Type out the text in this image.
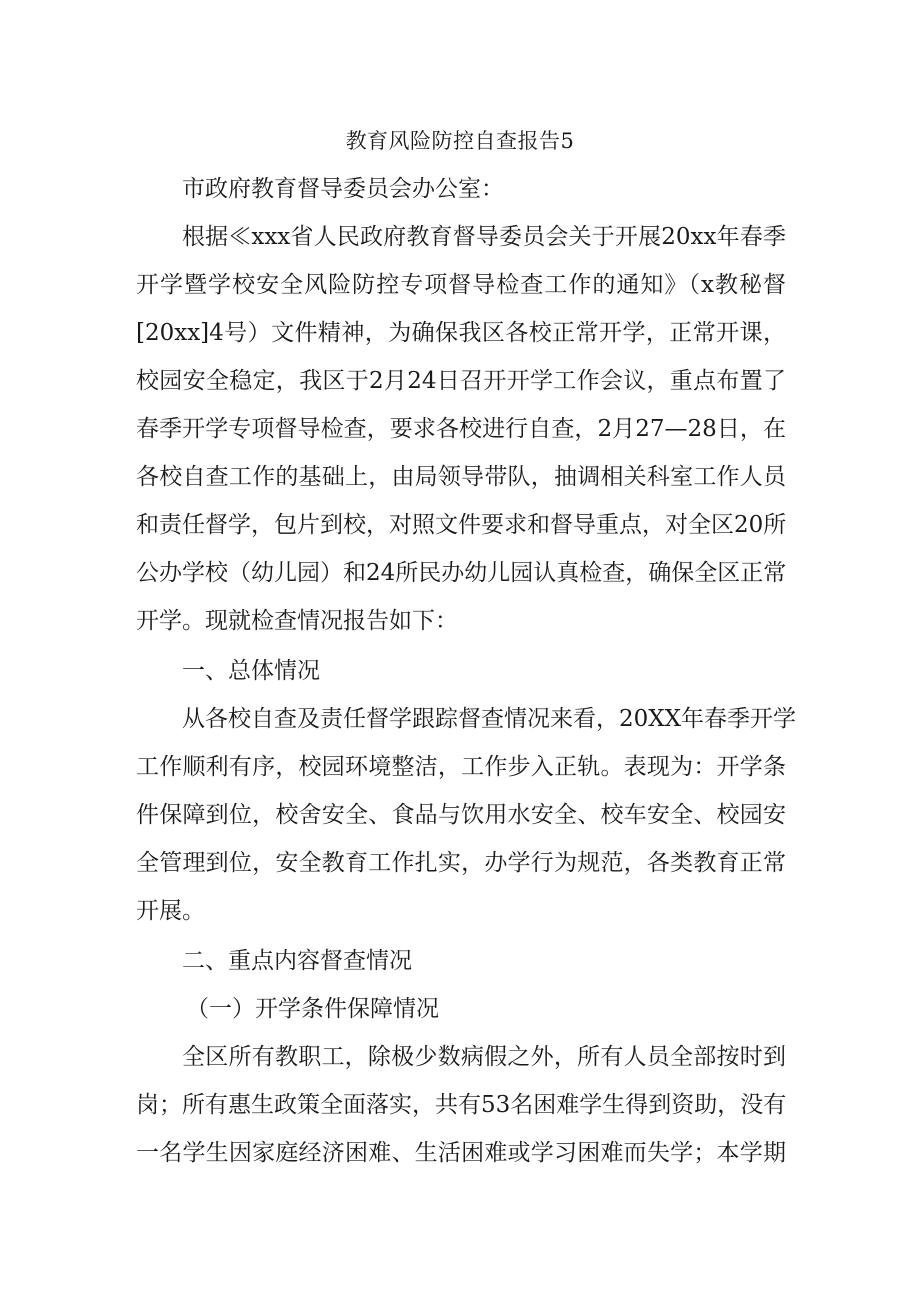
教育风险防控自查报告5
市政府教育督导委员会办公室：
根据≪xxx省人民政府教育督导委员会关于开展20xx年春季
开学暨学校安全风险防控专项督导检查工作的通知》（x教秘督
[20xx]4号）文件精神，为确保我区各校正常开学，正常开课，
校园安全稳定，我区于2月24日召开开学工作会议，重点布置了
春季开学专项督导检查，要求各校进行自查，2月27—28日，在
各校自查工作的基础上，由局领导带队，抽调相关科室工作人员
和责任督学，包片到校，对照文件要求和督导重点，对全区20所
公办学校（幼儿园）和24所民办幼儿园认真检查，确保全区正常
开学。现就检查情况报告如下：
一、总体情况
从各校自查及责任督学跟踪督查情况来看，20XX年春季开学
工作顺利有序，校园环境整洁，工作步入正轨。表现为：开学条
件保障到位，校舍安全、食品与饮用水安全、校车安全、校园安
全管理到位，安全教育工作扎实，办学行为规范，各类教育正常
开展。
二、重点内容督查情况
（一）开学条件保障情况
全区所有教职工，除极少数病假之外，所有人员全部按时到
岗；所有惠生政策全面落实，共有53名困难学生得到资助，没有
一名学生因家庭经济困难、生活困难或学习困难而失学；本学期
